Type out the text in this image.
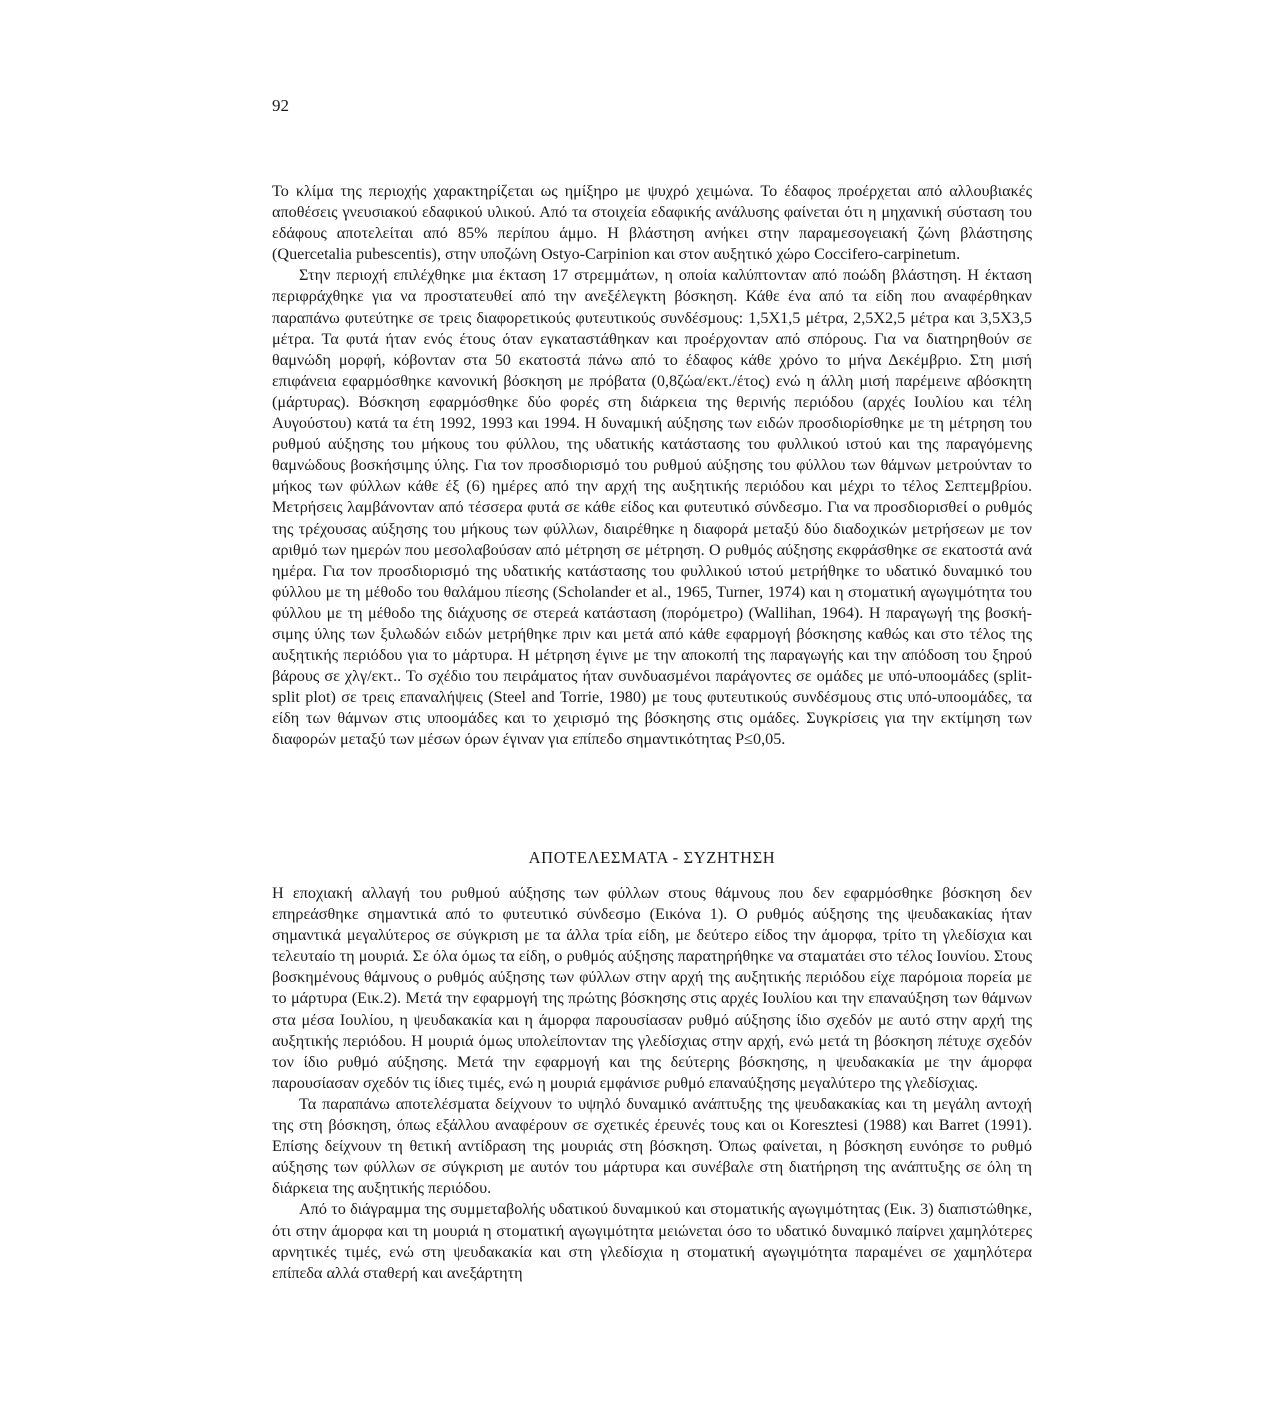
92

Το κλίμα της περιοχής χαρακτηρίζεται ως ημίξηρο με ψυχρό χειμώνα. Το έδαφος προέρχεται από αλλουβιακές αποθέσεις γνευσιακού εδαφικού υλικού. Από τα στοιχεία εδαφικής ανάλυσης φαίνεται ότι η μηχανική σύσταση του εδάφους αποτελείται από 85% περίπου άμμο. Η βλάστηση ανήκει στην παραμεσογειακή ζώνη βλάστησης (Quercetalia pubescentis), στην υποζώνη Ostyo-Carpinion και στον αυξητικό χώρο Coccifero-carpinetum.

Στην περιοχή επιλέχθηκε μια έκταση 17 στρεμμάτων, η οποία καλύπτονταν από ποώδη βλάστηση. Η έκταση περιφράχθηκε για να προστατευθεί από την ανεξέλεγκτη βόσκηση. Κάθε ένα από τα είδη που αναφέρθηκαν παραπάνω φυτεύτηκε σε τρεις διαφορετικούς φυτευτικούς συνδέσμους: 1,5X1,5 μέτρα, 2,5X2,5 μέτρα και 3,5X3,5 μέτρα. Τα φυτά ήταν ενός έτους όταν εγκαταστάθηκαν και προέρχονταν από σπόρους. Για να διατηρηθούν σε θαμνώδη μορφή, κόβονταν στα 50 εκατοστά πάνω από το έδαφος κάθε χρόνο το μήνα Δεκέμβριο. Στη μισή επιφάνεια εφαρμόσθηκε κανονική βόσκηση με πρόβατα (0,8ζώα/εκτ./έτος) ενώ η άλλη μισή παρέμεινε αβόσκητη (μάρτυρας). Βόσκηση εφαρμόσθηκε δύο φορές στη διάρκεια της θερινής περιόδου (αρχές Ιουλίου και τέλη Αυγούστου) κατά τα έτη 1992, 1993 και 1994. Η δυναμική αύξησης των ειδών προσδιορίσθηκε με τη μέτρηση του ρυθμού αύξησης του μήκους του φύλλου, της υδατικής κατάστασης του φυλλικού ιστού και της παραγόμενης θαμνώδους βοσκήσιμης ύλης. Για τον προσδιορισμό του ρυθμού αύξησης του φύλλου των θάμνων μετρούνταν το μήκος των φύλλων κάθε έξ (6) ημέρες από την αρχή της αυξητικής περιόδου και μέχρι το τέλος Σεπτεμβρίου. Μετρήσεις λαμβάνονταν από τέσσερα φυτά σε κάθε είδος και φυτευτικό σύνδεσμο. Για να προσδιορισθεί ο ρυθμός της τρέχουσας αύξησης του μήκους των φύλλων, διαιρέθηκε η διαφορά μεταξύ δύο διαδοχικών μετρήσεων με τον αριθμό των ημερών που μεσολαβούσαν από μέτρηση σε μέτρηση. Ο ρυθμός αύξησης εκφράσθηκε σε εκατοστά ανά ημέρα. Για τον προσδιορισμό της υδατικής κατάστασης του φυλλικού ιστού μετρήθηκε το υδατικό δυναμικό του φύλλου με τη μέθοδο του θαλάμου πίεσης (Scholander et al., 1965, Turner, 1974) και η στοματική αγωγιμότητα του φύλλου με τη μέθοδο της διάχυσης σε στερεά κατάσταση (πορόμετρο) (Wallihan, 1964). Η παραγωγή της βοσκήσιμης ύλης των ξυλωδών ειδών μετρήθηκε πριν και μετά από κάθε εφαρμογή βόσκησης καθώς και στο τέλος της αυξητικής περιόδου για το μάρτυρα. Η μέτρηση έγινε με την αποκοπή της παραγωγής και την απόδοση του ξηρού βάρους σε χλγ/εκτ.. Το σχέδιο του πειράματος ήταν συνδυασμένοι παράγοντες σε ομάδες με υπό-υποομάδες (split-split plot) σε τρεις επαναλήψεις (Steel and Torrie, 1980) με τους φυτευτικούς συνδέσμους στις υπό-υποομάδες, τα είδη των θάμνων στις υποομάδες και το χειρισμό της βόσκησης στις ομάδες. Συγκρίσεις για την εκτίμηση των διαφορών μεταξύ των μέσων όρων έγιναν για επίπεδο σημαντικότητας P≤0,05.

ΑΠΟΤΕΛΕΣΜΑΤΑ - ΣΥΖΗΤΗΣΗ

Η εποχιακή αλλαγή του ρυθμού αύξησης των φύλλων στους θάμνους που δεν εφαρμόσθηκε βόσκηση δεν επηρεάσθηκε σημαντικά από το φυτευτικό σύνδεσμο (Εικόνα 1). Ο ρυθμός αύξησης της ψευδακακίας ήταν σημαντικά μεγαλύτερος σε σύγκριση με τα άλλα τρία είδη, με δεύτερο είδος την άμορφα, τρίτο τη γλεδίσχια και τελευταίο τη μουριά. Σε όλα όμως τα είδη, ο ρυθμός αύξησης παρατηρήθηκε να σταματάει στο τέλος Ιουνίου. Στους βοσκημένους θάμνους ο ρυθμός αύξησης των φύλλων στην αρχή της αυξητικής περιόδου είχε παρόμοια πορεία με το μάρτυρα (Εικ.2). Μετά την εφαρμογή της πρώτης βόσκησης στις αρχές Ιουλίου και την επαναύξηση των θάμνων στα μέσα Ιουλίου, η ψευδακακία και η άμορφα παρουσίασαν ρυθμό αύξησης ίδιο σχεδόν με αυτό στην αρχή της αυξητικής περιόδου. Η μουριά όμως υπολείπονταν της γλεδίσχιας στην αρχή, ενώ μετά τη βόσκηση πέτυχε σχεδόν τον ίδιο ρυθμό αύξησης. Μετά την εφαρμογή και της δεύτερης βόσκησης, η ψευδακακία με την άμορφα παρουσίασαν σχεδόν τις ίδιες τιμές, ενώ η μουριά εμφάνισε ρυθμό επαναύξησης μεγαλύτερο της γλεδίσχιας.

Τα παραπάνω αποτελέσματα δείχνουν το υψηλό δυναμικό ανάπτυξης της ψευδακακίας και τη μεγάλη αντοχή της στη βόσκηση, όπως εξάλλου αναφέρουν σε σχετικές έρευνές τους και οι Koresztesi (1988) και Barret (1991). Επίσης δείχνουν τη θετική αντίδραση της μουριάς στη βόσκηση. Όπως φαίνεται, η βόσκηση ευνόησε το ρυθμό αύξησης των φύλλων σε σύγκριση με αυτόν του μάρτυρα και συνέβαλε στη διατήρηση της ανάπτυξης σε όλη τη διάρκεια της αυξητικής περιόδου.

Από το διάγραμμα της συμμεταβολής υδατικού δυναμικού και στοματικής αγωγιμότητας (Εικ. 3) διαπιστώθηκε, ότι στην άμορφα και τη μουριά η στοματική αγωγιμότητα μειώνεται όσο το υδατικό δυναμικό παίρνει χαμηλότερες αρνητικές τιμές, ενώ στη ψευδακακία και στη γλεδίσχια η στοματική αγωγιμότητα παραμένει σε χαμηλότερα επίπεδα αλλά σταθερή και ανεξάρτητη
